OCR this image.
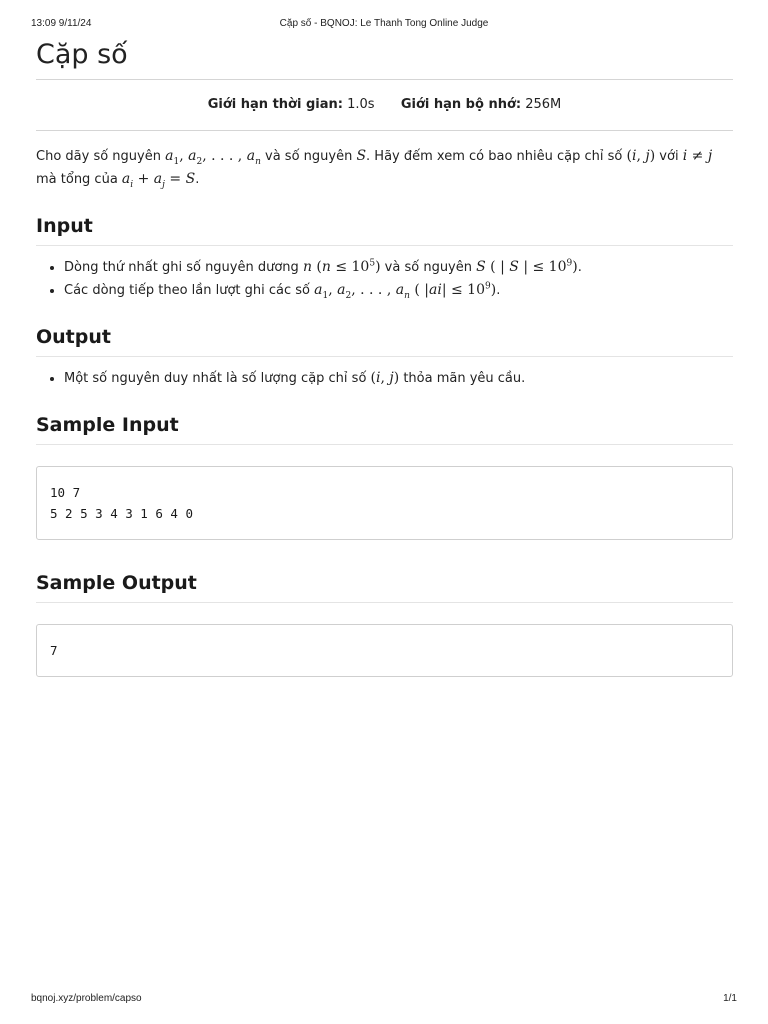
13:09 9/11/24	Cặp số - BQNOJ: Le Thanh Tong Online Judge
Cặp số
Giới hạn thời gian: 1.0s Giới hạn bộ nhớ: 256M

Cho dãy số nguyên $a_1$, $a_2$, . . . , $a_n$ và số nguyên S. Hãy đếm xem có bao nhiêu cặp chỉ số (i, j) với i ≠ j mà tổng của $a_i + a_j = S$.

Input
• Dòng thứ nhất ghi số nguyên dương n $(n \le 10^5)$ và số nguyên S ( | S | ≤ $10^9$).
• Các dòng tiếp theo lần lượt ghi các số $a_1$, $a_2$, . . . , $a_n$ ( $|ai| \le 10^9$).
Output
• Một số nguyên duy nhất là số lượng cặp chỉ số (i, j) thỏa mãn yêu cầu.
Sample Input
10 7
5 2 5 3 4 3 1 6 4 0
Sample Output
7
bqnoj.xyz/problem/capso	1/1
